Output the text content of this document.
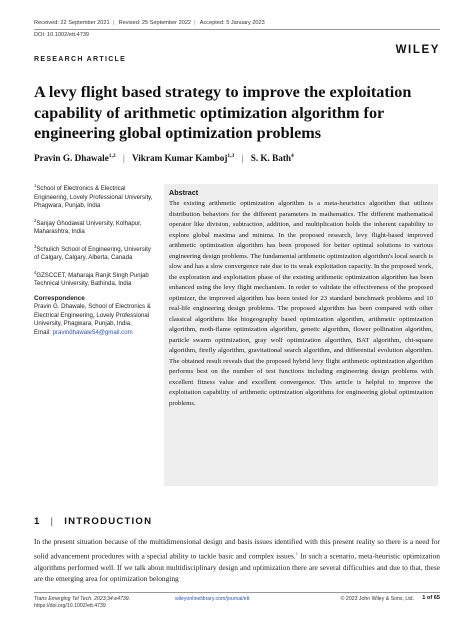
Received: 22 September 2021 | Revised: 25 September 2022 | Accepted: 5 January 2023
DOI: 10.1002/ett.4739
WILEY
RESEARCH ARTICLE
A levy flight based strategy to improve the exploitation capability of arithmetic optimization algorithm for engineering global optimization problems
Pravin G. Dhawale$^{1,2}$ | Vikram Kumar Kamboj$^{1,3}$ | S. K. Bath$^4$
$^1$School of Electronics & Electrical Engineering, Lovely Professional University, Phagwara, Punjab, India
$^2$Sanjay Ghodawat University, Kolhapur, Maharashtra, India
$^3$Schulich School of Engineering, University of Calgary, Calgary, Alberta, Canada
$^4$GZSCCET, Maharaja Ranjit Singh Punjab Technical University, Bathinda, India
Correspondence
Pravin G. Dhawale, School of Electronics & Electrical Engineering, Lovely Professional University, Phagwara, Punjab, India.
Email: pravindhawale54@gmail.com
Abstract

The existing arithmetic optimization algorithm is a meta-heuristics algorithm that utilizes distribution behaviors for the different parameters in mathematics. The different mathematical operator like division, subtraction, addition, and multiplication holds the inherent capability to explore global maxima and minima. In the proposed research, levy flight-based improved arithmetic optimization algorithm has been proposed for better optimal solutions to various engineering design problems. The fundamental arithmetic optimization algorithm's local search is slow and has a slow convergence rate due to its weak exploitation capacity. In the proposed work, the exploration and exploitation phase of the existing arithmetic optimization algorithm has been enhanced using the levy flight mechanism. In order to validate the effectiveness of the proposed optimizer, the improved algorithm has been tested for 23 standard benchmark problems and 10 real-life engineering design problems. The proposed algorithm has been compared with other classical algorithms like biogeography based optimization algorithm, arithmetic optimization algorithm, moth-flame optimization algorithm, genetic algorithm, flower pollination algorithm, particle swarm optimization, gray wolf optimization algorithm, BAT algorithm, chi-square algorithm, firefly algorithm, gravitational search algorithm, and differential evolution algorithm. The obtained result reveals that the proposed hybrid levy flight arithmetic optimization algorithm performs best on the number of test functions including engineering design problems with excellent fitness value and excellent convergence. This article is helpful to improve the exploitation capability of arithmetic optimization algorithms for engineering global optimization problems.

1 | INTRODUCTION

In the present situation because of the multidimensional design and basis issues identified with this present reality so there is a need for solid advancement procedures with a special ability to tackle basic and complex issues.$^1$ In such a scenario, meta-heuristic optimization algorithms performed well. If we talk about multidisciplinary design and optimization there are several difficulties and due to that, these are the emerging area for optimization belonging

Trans Emerging Tel Tech. 2023;34:e4739.
https://doi.org/10.1002/ett.4739
wileyonlinelibrary.com/journal/ett	© 2023 John Wiley & Sons, Ltd. 1 of 65
